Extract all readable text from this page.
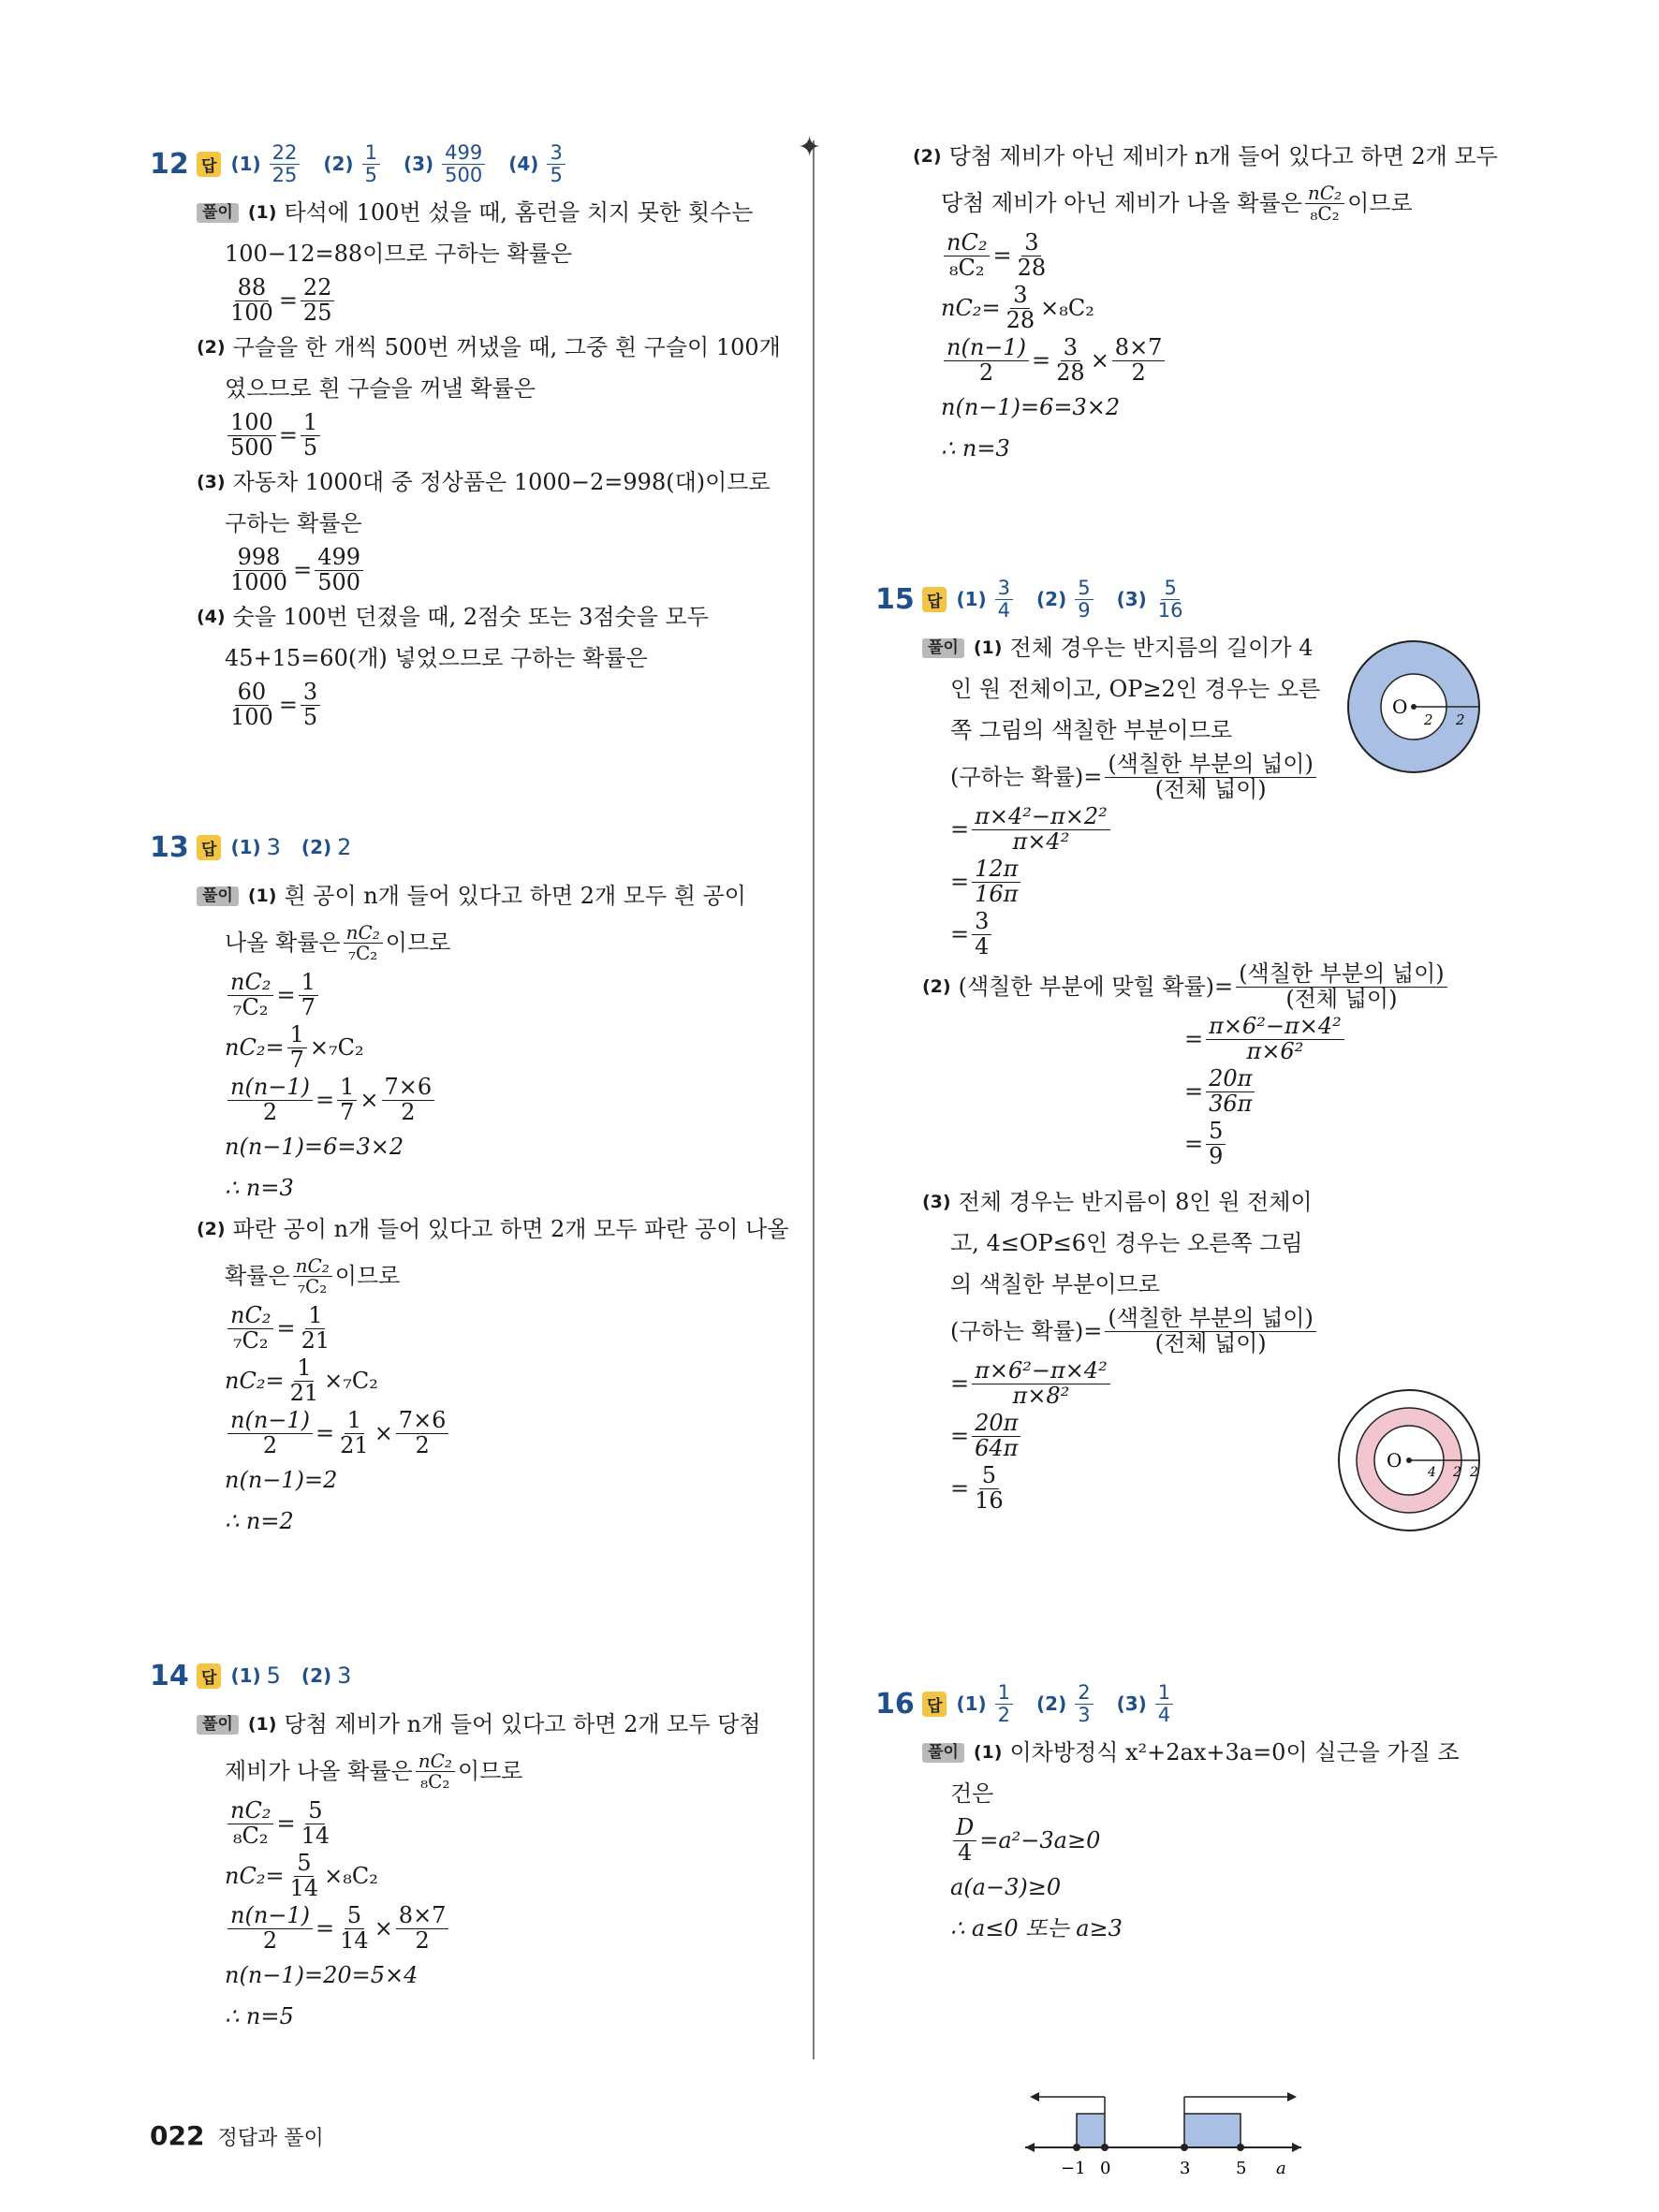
✦
12 답 $(1) \frac{22}{25} (2) \frac{1}{5} (3) \frac{499}{500} (4) \frac{3}{5}$
풀이 (1) 타석에 100번 섰을 때, 홈런을 치지 못한 횟수는
100−12=88이므로 구하는 확률은
$\frac{88}{100} = \frac{22}{25}$
(2) 구슬을 한 개씩 500번 꺼냈을 때, 그중 흰 구슬이 100개
였으므로 흰 구슬을 꺼낼 확률은
$\frac{100}{500} = \frac{1}{5}$
(3) 자동차 1000대 중 정상품은 1000−2=998(대)이므로
구하는 확률은
$\frac{998}{1000} = \frac{499}{500}$
(4) 숫을 100번 던졌을 때, 2점숫 또는 3점숫을 모두
45+15=60(개) 넣었으므로 구하는 확률은
$\frac{60}{100} = \frac{3}{5}$
13 답 (1) 3 (2) 2
풀이 (1) 흰 공이 n개 들어 있다고 하면 2개 모두 흰 공이
나올 확률은 $\frac{\text{nC₂}}{\text{₇C₂}}$ 이므로
$\frac{\text{nC₂}}{\text{₇C₂}} = \frac{1}{7}$
$nC_2= \frac{1}{7} \times_7C_2$
$\frac{n(n-1)}{2} = \frac{1}{7} \times \frac{7\times 6}{2}$
n(n−1)=6=3×2
∴ n=3
(2) 파란 공이 n개 들어 있다고 하면 2개 모두 파란 공이 나올
확률은 $\frac{\text{nC₂}}{\text{₇C₂}}$ 이므로
$\frac{\text{nC₂}}{\text{₇C₂}} = \frac{1}{21}$
$nC_2= \frac{1}{21} \times_7C_2$
$\frac{n(n-1)}{2} = \frac{1}{21} \times \frac{7\times 6}{2}$
n(n−1)=2
∴ n=2
14 답 (1) 5 (2) 3
풀이 (1) 당첨 제비가 n개 들어 있다고 하면 2개 모두 당첨
제비가 나올 확률은 $\frac{\text{nC₂}}{\text{₈C₂}}$ 이므로
$\frac{\text{nC₂}}{\text{₈C₂}} = \frac{5}{14}$
$nC_2= \frac{5}{14} \times_8C_2$
$\frac{n(n-1)}{2} = \frac{5}{14} \times \frac{8\times 7}{2}$
n(n−1)=20=5×4
∴ n=5
(2) 당첨 제비가 아닌 제비가 n개 들어 있다고 하면 2개 모두
당첨 제비가 아닌 제비가 나올 확률은 $\frac{\text{nC₂}}{\text{₈C₂}}$ 이므로
$\frac{\text{nC₂}}{\text{₈C₂}} = \frac{3}{28}$
$nC_2= \frac{3}{28} \times_8C_2$
$\frac{n(n-1)}{2} = \frac{3}{28} \times \frac{8\times 7}{2}$
n(n−1)=6=3×2
∴ n=3
15 답 $(1) \frac{3}{4} (2) \frac{5}{9} (3) \frac{5}{16}$
풀이 (1) 전체 경우는 반지름의 길이가 4
인 원 전체이고, OP≥2인 경우는 오른
쪽 그림의 색칠한 부분이므로
(구하는 확률)= $\frac{\text{(색칠한 부분의 넓이)}}{\text{(전체 넓이)}}$
= $\frac{\text{π×4²−π×2²}}{\text{π×4²}}$
= $\frac{12\pi}{16\pi}$
= $\frac{3}{4}$
(2) (색칠한 부분에 맞힐 확률)= $\frac{\text{(색칠한 부분의 넓이)}}{\text{(전체 넓이)}}$
= $\frac{\text{π×6²−π×4²}}{\text{π×6²}}$
= $\frac{20\pi}{36\pi}$
= $\frac{5}{9}$
(3) 전체 경우는 반지름이 8인 원 전체이
고, 4≤OP≤6인 경우는 오른쪽 그림
의 색칠한 부분이므로
(구하는 확률)= $\frac{\text{(색칠한 부분의 넓이)}}{\text{(전체 넓이)}}$
= $\frac{\text{π×6²−π×4²}}{\text{π×8²}}$
= $\frac{20\pi}{64\pi}$
= $\frac{5}{16}$
O
2 2
O
4 2 2
16 답 $(1) \frac{1}{2} (2) \frac{2}{3} (3) \frac{1}{4}$
풀이 (1) 이차방정식 x²+2ax+3a=0이 실근을 가질 조
건은
$\frac{D}{4} =a^2-3a\ge 0$
a(a−3)≥0
∴ a≤0 또는 a≥3
−1 0	3	5 a
022 정답과 풀이
